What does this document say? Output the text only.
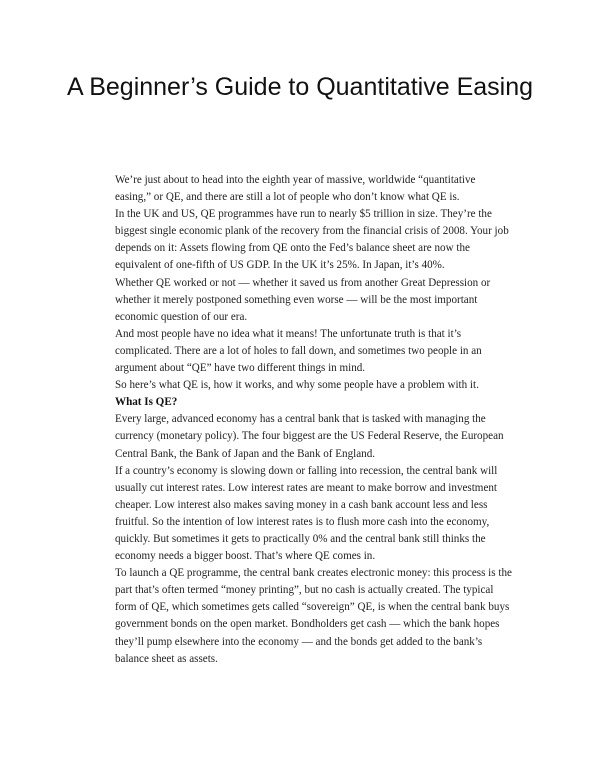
A Beginner’s Guide to Quantitative Easing

We’re just about to head into the eighth year of massive, worldwide “quantitative easing,” or QE, and there are still a lot of people who don’t know what QE is.

In the UK and US, QE programmes have run to nearly $5 trillion in size. They’re the biggest single economic plank of the recovery from the financial crisis of 2008. Your job depends on it: Assets flowing from QE onto the Fed’s balance sheet are now the equivalent of one-fifth of US GDP. In the UK it’s 25%. In Japan, it’s 40%.

Whether QE worked or not — whether it saved us from another Great Depression or whether it merely postponed something even worse — will be the most important economic question of our era.

And most people have no idea what it means! The unfortunate truth is that it’s complicated. There are a lot of holes to fall down, and sometimes two people in an argument about “QE” have two different things in mind.

So here’s what QE is, how it works, and why some people have a problem with it.

What Is QE?

Every large, advanced economy has a central bank that is tasked with managing the currency (monetary policy). The four biggest are the US Federal Reserve, the European Central Bank, the Bank of Japan and the Bank of England.

If a country’s economy is slowing down or falling into recession, the central bank will usually cut interest rates. Low interest rates are meant to make borrow and investment cheaper. Low interest also makes saving money in a cash bank account less and less fruitful. So the intention of low interest rates is to flush more cash into the economy, quickly. But sometimes it gets to practically 0% and the central bank still thinks the economy needs a bigger boost. That’s where QE comes in.

To launch a QE programme, the central bank creates electronic money: this process is the part that’s often termed “money printing”, but no cash is actually created. The typical form of QE, which sometimes gets called “sovereign” QE, is when the central bank buys government bonds on the open market. Bondholders get cash — which the bank hopes they’ll pump elsewhere into the economy — and the bonds get added to the bank’s balance sheet as assets.
